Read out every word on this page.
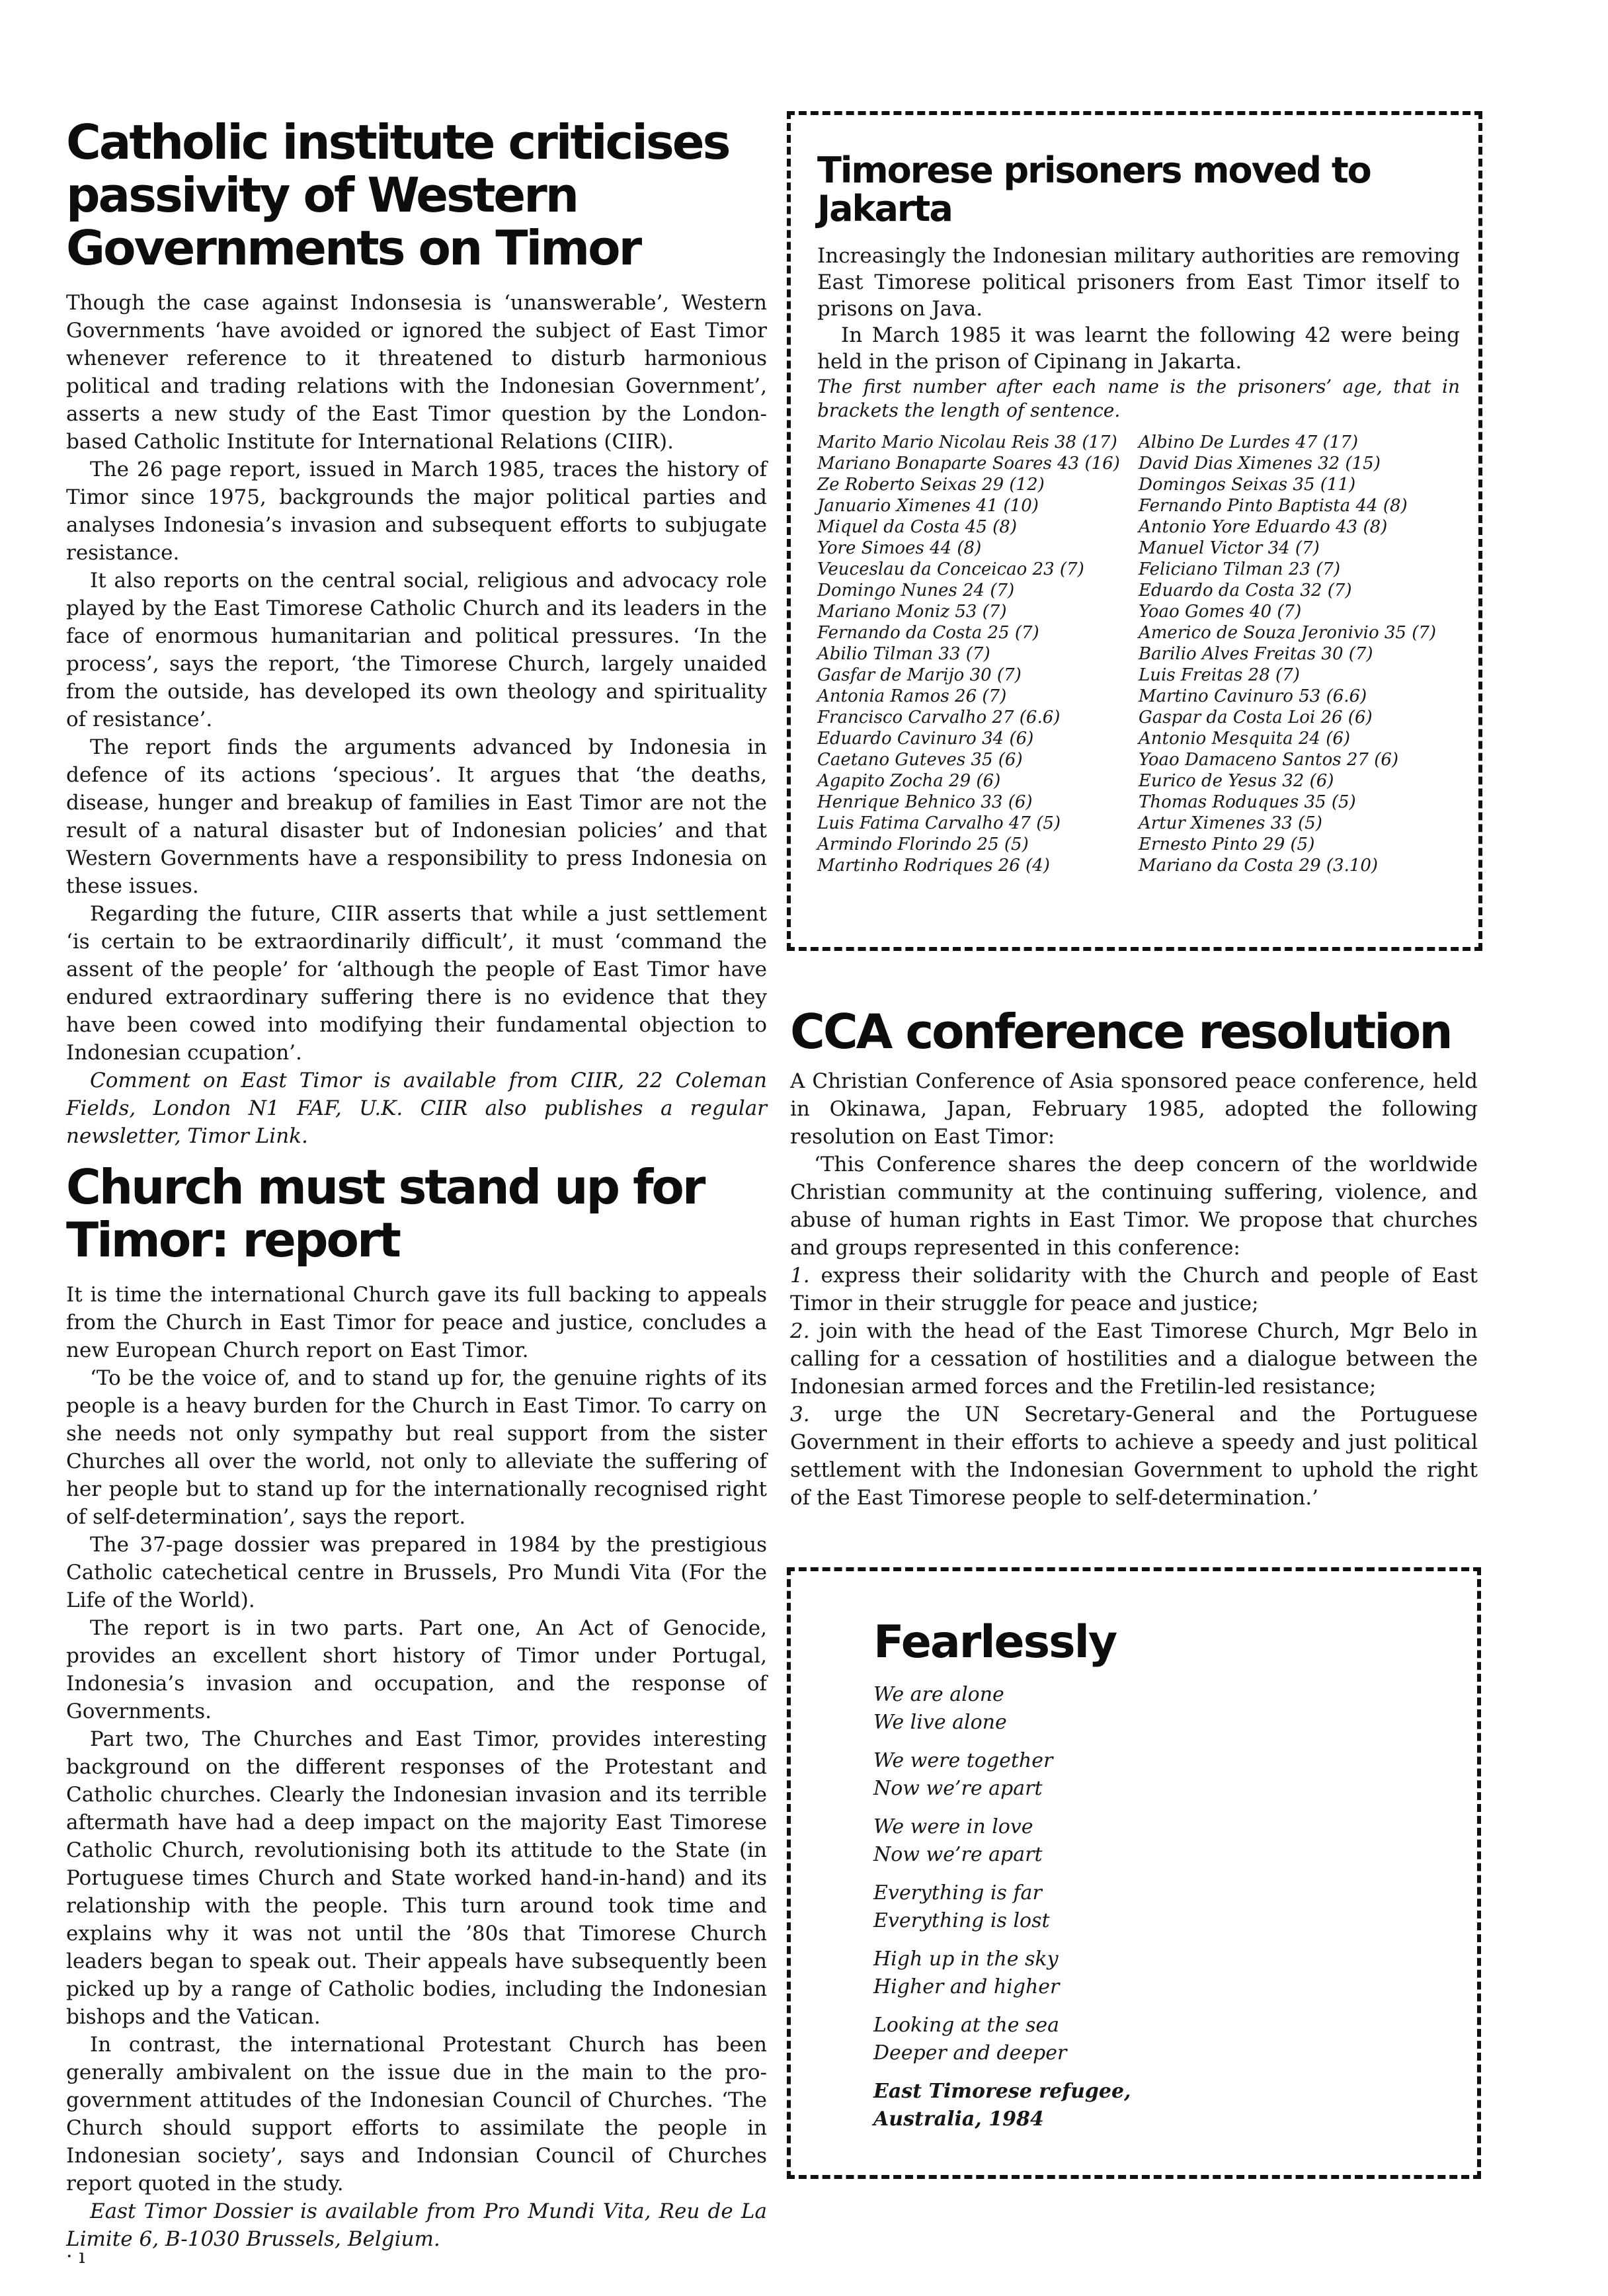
Catholic institute criticises passivity of Western Governments on Timor

Though the case against Indonsesia is ‘unanswerable’, Western Governments ‘have avoided or ignored the subject of East Timor whenever reference to it threatened to disturb harmonious political and trading relations with the Indonesian Government’, asserts a new study of the East Timor question by the London-based Catholic Institute for International Relations (CIIR).

The 26 page report, issued in March 1985, traces the history of Timor since 1975, backgrounds the major political parties and analyses Indonesia’s invasion and subsequent efforts to subjugate resistance.

It also reports on the central social, religious and advocacy role played by the East Timorese Catholic Church and its leaders in the face of enormous humanitarian and political pressures. ‘In the process’, says the report, ‘the Timorese Church, largely unaided from the outside, has developed its own theology and spirituality of resistance’.

The report finds the arguments advanced by Indonesia in defence of its actions ‘specious’. It argues that ‘the deaths, disease, hunger and breakup of families in East Timor are not the result of a natural disaster but of Indonesian policies’ and that Western Governments have a responsibility to press Indonesia on these issues.

Regarding the future, CIIR asserts that while a just settlement ‘is certain to be extraordinarily difficult’, it must ‘command the assent of the people’ for ‘although the people of East Timor have endured extraordinary suffering there is no evidence that they have been cowed into modifying their fundamental objection to Indonesian ccupation’.

Comment on East Timor is available from CIIR, 22 Coleman Fields, London N1 FAF, U.K. CIIR also publishes a regular newsletter, Timor Link.

Church must stand up for Timor: report

It is time the international Church gave its full backing to appeals from the Church in East Timor for peace and justice, concludes a new European Church report on East Timor.

‘To be the voice of, and to stand up for, the genuine rights of its people is a heavy burden for the Church in East Timor. To carry on she needs not only sympathy but real support from the sister Churches all over the world, not only to alleviate the suffering of her people but to stand up for the internationally recognised right of self-determination’, says the report.

The 37-page dossier was prepared in 1984 by the prestigious Catholic catechetical centre in Brussels, Pro Mundi Vita (For the Life of the World).

The report is in two parts. Part one, An Act of Genocide, provides an excellent short history of Timor under Portugal, Indonesia’s invasion and occupation, and the response of Governments.

Part two, The Churches and East Timor, provides interesting background on the different responses of the Protestant and Catholic churches. Clearly the Indonesian invasion and its terrible aftermath have had a deep impact on the majority East Timorese Catholic Church, revolutionising both its attitude to the State (in Portuguese times Church and State worked hand-in-hand) and its relationship with the people. This turn around took time and explains why it was not until the ’80s that Timorese Church leaders began to speak out. Their appeals have subsequently been picked up by a range of Catholic bodies, including the Indonesian bishops and the Vatican.

In contrast, the international Protestant Church has been generally ambivalent on the issue due in the main to the pro-government attitudes of the Indonesian Council of Churches. ‘The Church should support efforts to assimilate the people in Indonesian society’, says and Indonsian Council of Churches report quoted in the study.

East Timor Dossier is available from Pro Mundi Vita, Reu de La Limite 6, B-1030 Brussels, Belgium.

Timorese prisoners moved to Jakarta

Increasingly the Indonesian military authorities are removing East Timorese political prisoners from East Timor itself to prisons on Java.

In March 1985 it was learnt the following 42 were being held in the prison of Cipinang in Jakarta.

The first number after each name is the prisoners’ age, that in brackets the length of sentence.

Marito Mario Nicolau Reis 38 (17)
Mariano Bonaparte Soares 43 (16)
Ze Roberto Seixas 29 (12)
Januario Ximenes 41 (10)
Miquel da Costa 45 (8)
Yore Simoes 44 (8)
Veuceslau da Conceicao 23 (7)
Domingo Nunes 24 (7)
Mariano Moniz 53 (7)
Fernando da Costa 25 (7)
Abilio Tilman 33 (7)
Gasfar de Marijo 30 (7)
Antonia Ramos 26 (7)
Francisco Carvalho 27 (6.6)
Eduardo Cavinuro 34 (6)
Caetano Guteves 35 (6)
Agapito Zocha 29 (6)
Henrique Behnico 33 (6)
Luis Fatima Carvalho 47 (5)
Armindo Florindo 25 (5)
Martinho Rodriques 26 (4)
Albino De Lurdes 47 (17)
David Dias Ximenes 32 (15)
Domingos Seixas 35 (11)
Fernando Pinto Baptista 44 (8)
Antonio Yore Eduardo 43 (8)
Manuel Victor 34 (7)
Feliciano Tilman 23 (7)
Eduardo da Costa 32 (7)
Yoao Gomes 40 (7)
Americo de Souza Jeronivio 35 (7)
Barilio Alves Freitas 30 (7)
Luis Freitas 28 (7)
Martino Cavinuro 53 (6.6)
Gaspar da Costa Loi 26 (6)
Antonio Mesquita 24 (6)
Yoao Damaceno Santos 27 (6)
Eurico de Yesus 32 (6)
Thomas Roduques 35 (5)
Artur Ximenes 33 (5)
Ernesto Pinto 29 (5)
Mariano da Costa 29 (3.10)
CCA conference resolution

A Christian Conference of Asia sponsored peace conference, held in Okinawa, Japan, February 1985, adopted the following resolution on East Timor:

‘This Conference shares the deep concern of the worldwide Christian community at the continuing suffering, violence, and abuse of human rights in East Timor. We propose that churches and groups represented in this conference:

1. express their solidarity with the Church and people of East Timor in their struggle for peace and justice;

2. join with the head of the East Timorese Church, Mgr Belo in calling for a cessation of hostilities and a dialogue between the Indonesian armed forces and the Fretilin-led resistance;

3. urge the UN Secretary-General and the Portuguese Government in their efforts to achieve a speedy and just political settlement with the Indonesian Government to uphold the right of the East Timorese people to self-determination.’

Fearlessly

We are alone

We live alone

We were together

Now we’re apart

We were in love

Now we’re apart

Everything is far

Everything is lost

High up in the sky

Higher and higher

Looking at the sea

Deeper and deeper

East Timorese refugee,

Australia, 1984

· ı
